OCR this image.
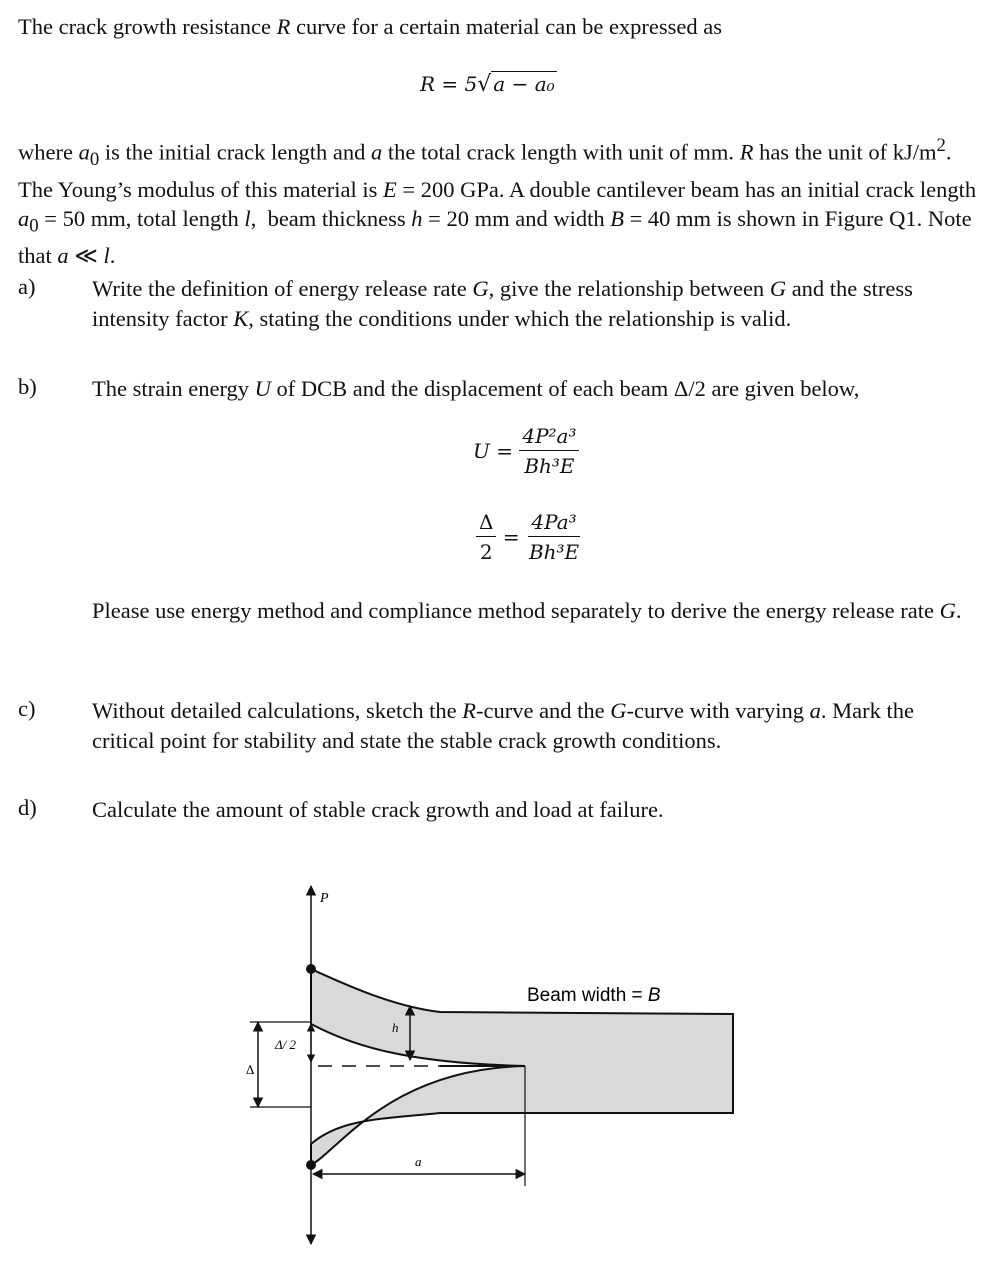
The crack growth resistance R curve for a certain material can be expressed as
R = 5√ a − a₀
where $a_0$ is the initial crack length and a the total crack length with unit of mm. R has the unit of $kJ/m^2$. The Young’s modulus of this material is E = 200 GPa. A double cantilever beam has an initial crack length $a_0 = 50$ mm, total length l,  beam thickness h = 20 mm and width B = 40 mm is shown in Figure Q1. Note that a ≪ l.
a)	Write the definition of energy release rate G, give the relationship between G and the stress intensity factor K, stating the conditions under which the relationship is valid.
b) The strain energy U of DCB and the displacement of each beam Δ/2 are given below,
$U = \frac{\text{4P²a³}}{\text{Bh³E}}$
$\frac{\Delta}{2} = \frac{\text{4Pa³}}{\text{Bh³E}}$
Please use energy method and compliance method separately to derive the energy release rate G.
c)	Without detailed calculations, sketch the R-curve and the G-curve with varying a. Mark the critical point for stability and state the stable crack growth conditions.
d) Calculate the amount of stable crack growth and load at failure.
P
Δ
Δ/ 2
h
a
Beam width = B
